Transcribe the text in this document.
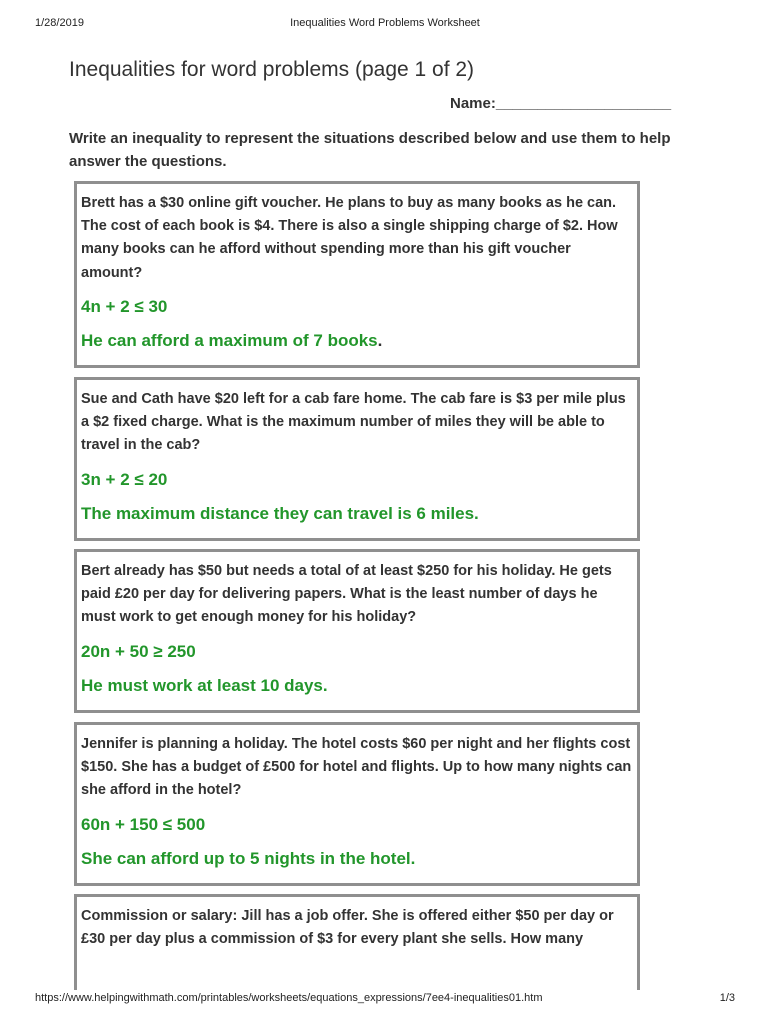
1/28/2019	Inequalities Word Problems Worksheet
Inequalities for word problems (page 1 of 2)
Name:_____________________

Write an inequality to represent the situations described below and use them to help answer the questions.

Brett has a $30 online gift voucher. He plans to buy as many books as he can. The cost of each book is $4. There is also a single shipping charge of $2. How many books can he afford without spending more than his gift voucher amount?

4n + 2 ≤ 30

He can afford a maximum of 7 books.

Sue and Cath have $20 left for a cab fare home. The cab fare is $3 per mile plus a $2 fixed charge. What is the maximum number of miles they will be able to travel in the cab?

3n + 2 ≤ 20

The maximum distance they can travel is 6 miles.

Bert already has $50 but needs a total of at least $250 for his holiday. He gets paid £20 per day for delivering papers. What is the least number of days he must work to get enough money for his holiday?

20n + 50 ≥ 250

He must work at least 10 days.

Jennifer is planning a holiday. The hotel costs $60 per night and her flights cost $150. She has a budget of £500 for hotel and flights. Up to how many nights can she afford in the hotel?

60n + 150 ≤ 500

She can afford up to 5 nights in the hotel.

Commission or salary: Jill has a job offer. She is offered either $50 per day or £30 per day plus a commission of $3 for every plant she sells. How many

https://www.helpingwithmath.com/printables/worksheets/equations_expressions/7ee4-inequalities01.htm	1/3
